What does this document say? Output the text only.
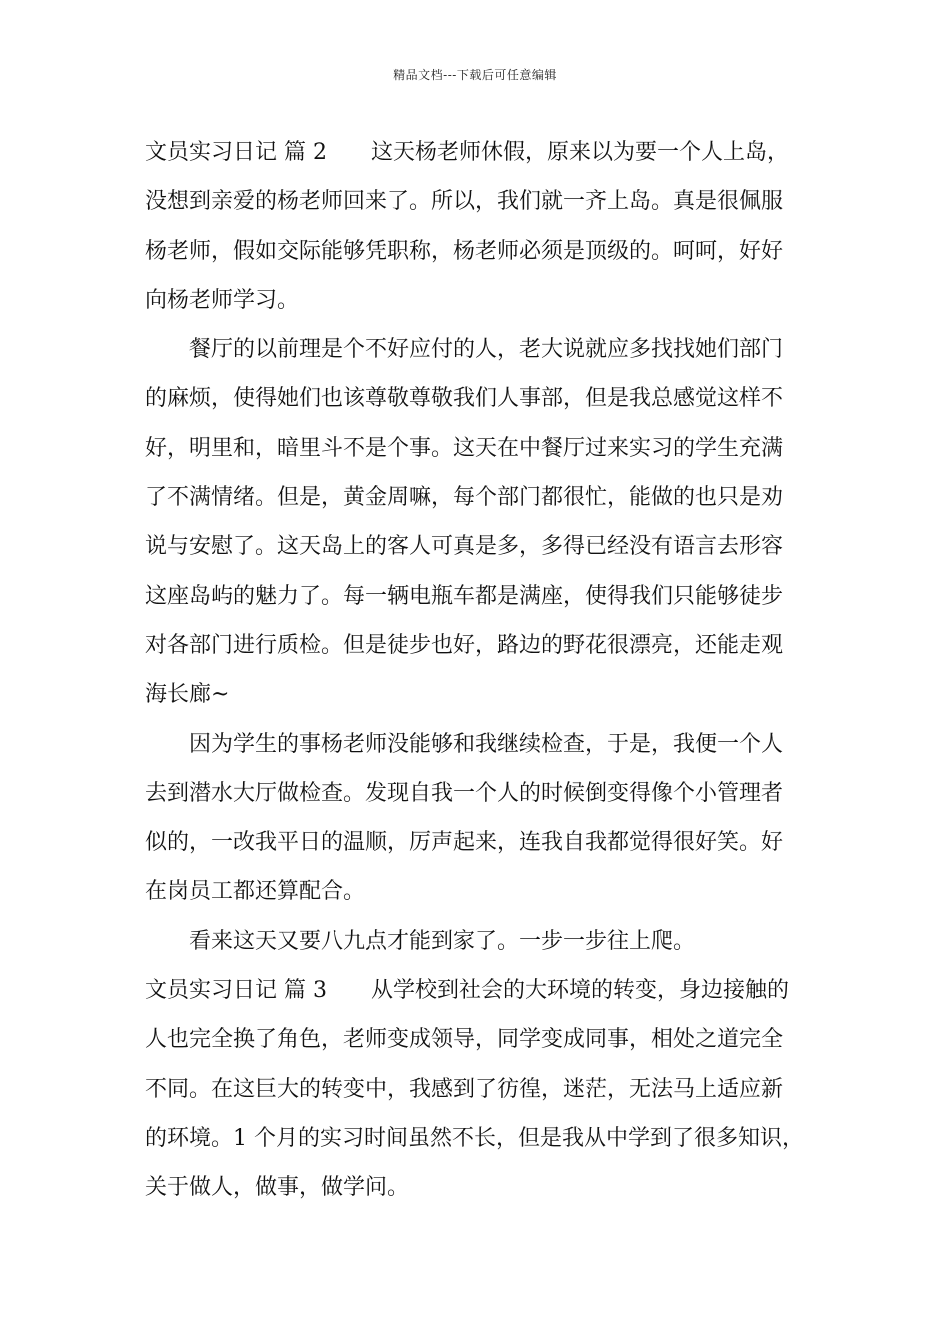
精品文档---下载后可任意编辑
文员实习日记 篇 2 这天杨老师休假，原来以为要一个人上岛，
没想到亲爱的杨老师回来了。所以，我们就一齐上岛。真是很佩服
杨老师，假如交际能够凭职称，杨老师必须是顶级的。呵呵，好好
向杨老师学习。
餐厅的以前理是个不好应付的人，老大说就应多找找她们部门
的麻烦，使得她们也该尊敬尊敬我们人事部，但是我总感觉这样不
好，明里和，暗里斗不是个事。这天在中餐厅过来实习的学生充满
了不满情绪。但是，黄金周嘛，每个部门都很忙，能做的也只是劝
说与安慰了。这天岛上的客人可真是多，多得已经没有语言去形容
这座岛屿的魅力了。每一辆电瓶车都是满座，使得我们只能够徒步
对各部门进行质检。但是徒步也好，路边的野花很漂亮，还能走观
海长廊~
因为学生的事杨老师没能够和我继续检查，于是，我便一个人
去到潜水大厅做检查。发现自我一个人的时候倒变得像个小管理者
似的，一改我平日的温顺，厉声起来，连我自我都觉得很好笑。好
在岗员工都还算配合。
看来这天又要八九点才能到家了。一步一步往上爬。
文员实习日记 篇 3 从学校到社会的大环境的转变，身边接触的
人也完全换了角色，老师变成领导，同学变成同事，相处之道完全
不同。在这巨大的转变中，我感到了彷徨，迷茫，无法马上适应新
的环境。1 个月的实习时间虽然不长，但是我从中学到了很多知识，
关于做人，做事，做学问。
